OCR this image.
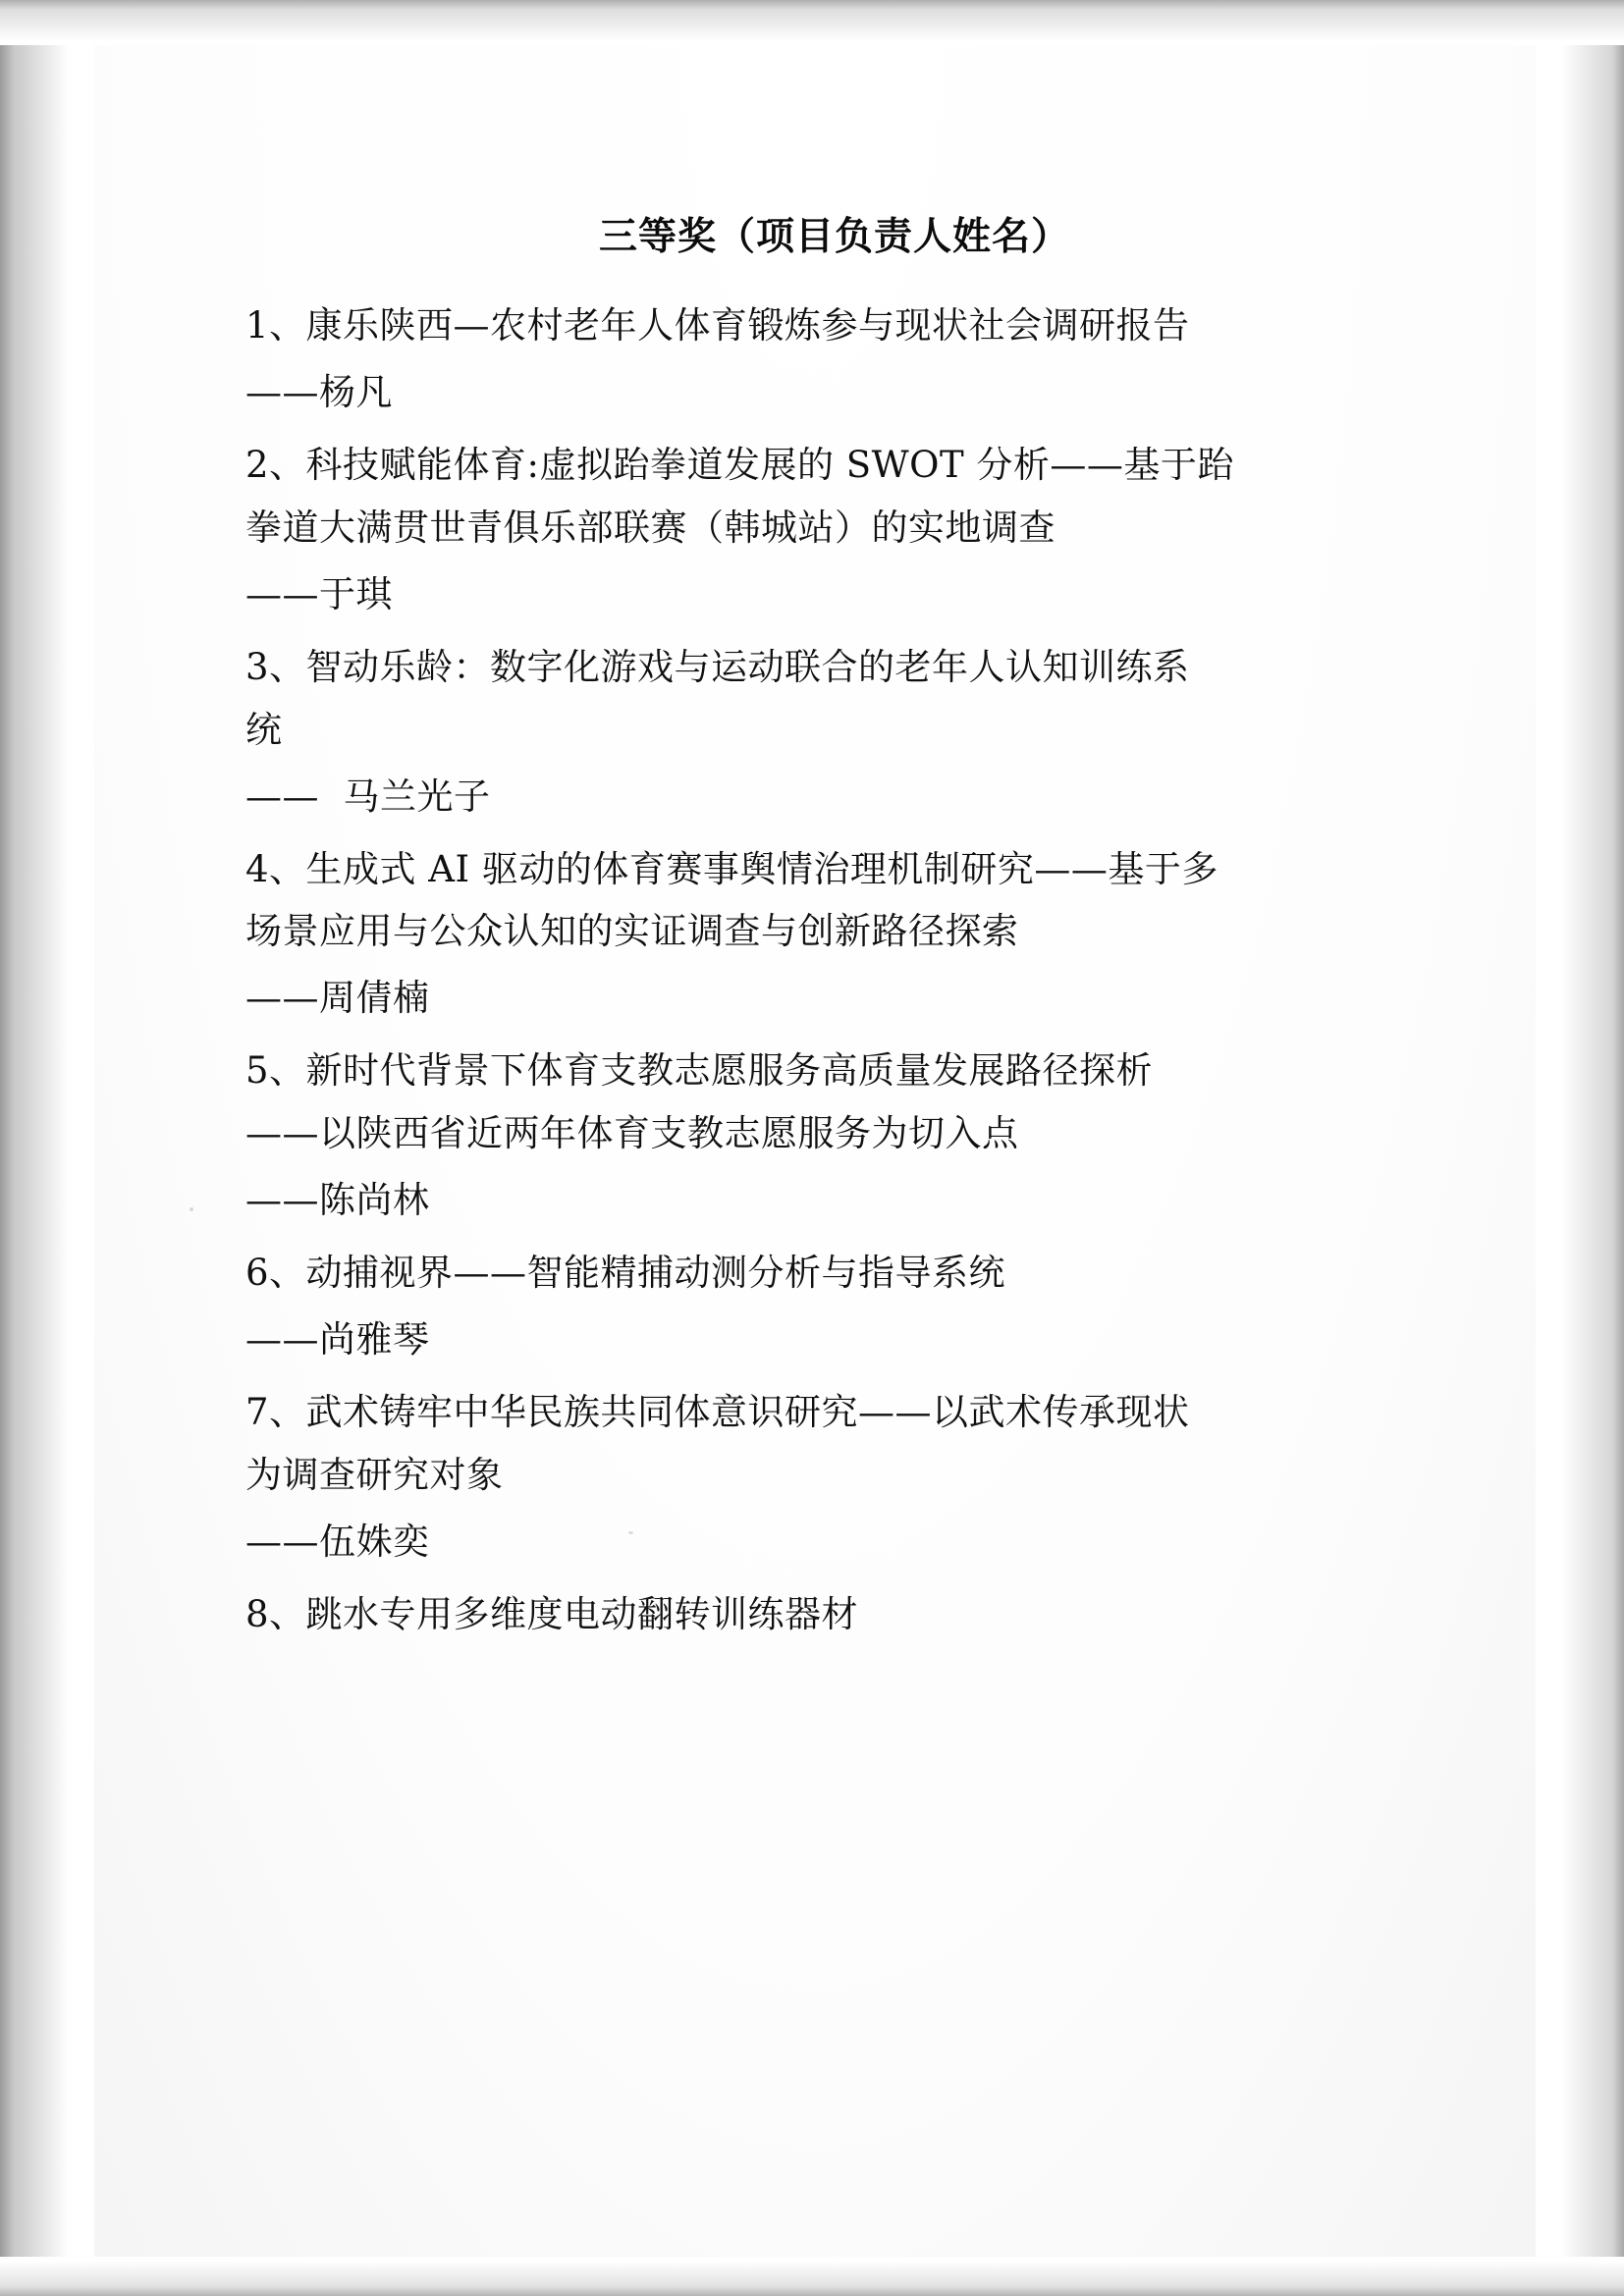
三等奖（项目负责人姓名）
1、康乐陕西—农村老年人体育锻炼参与现状社会调研报告
——杨凡
2、科技赋能体育:虚拟跆拳道发展的 SWOT 分析——基于跆
拳道大满贯世青俱乐部联赛（韩城站）的实地调查
——于琪
3、智动乐龄：数字化游戏与运动联合的老年人认知训练系
统
——  马兰光子
4、生成式 AI 驱动的体育赛事舆情治理机制研究——基于多
场景应用与公众认知的实证调查与创新路径探索
——周倩楠
5、新时代背景下体育支教志愿服务高质量发展路径探析
——以陕西省近两年体育支教志愿服务为切入点
——陈尚林
6、动捕视界——智能精捕动测分析与指导系统
——尚雅琴
7、武术铸牢中华民族共同体意识研究——以武术传承现状
为调查研究对象
——伍姝奕
8、跳水专用多维度电动翻转训练器材
